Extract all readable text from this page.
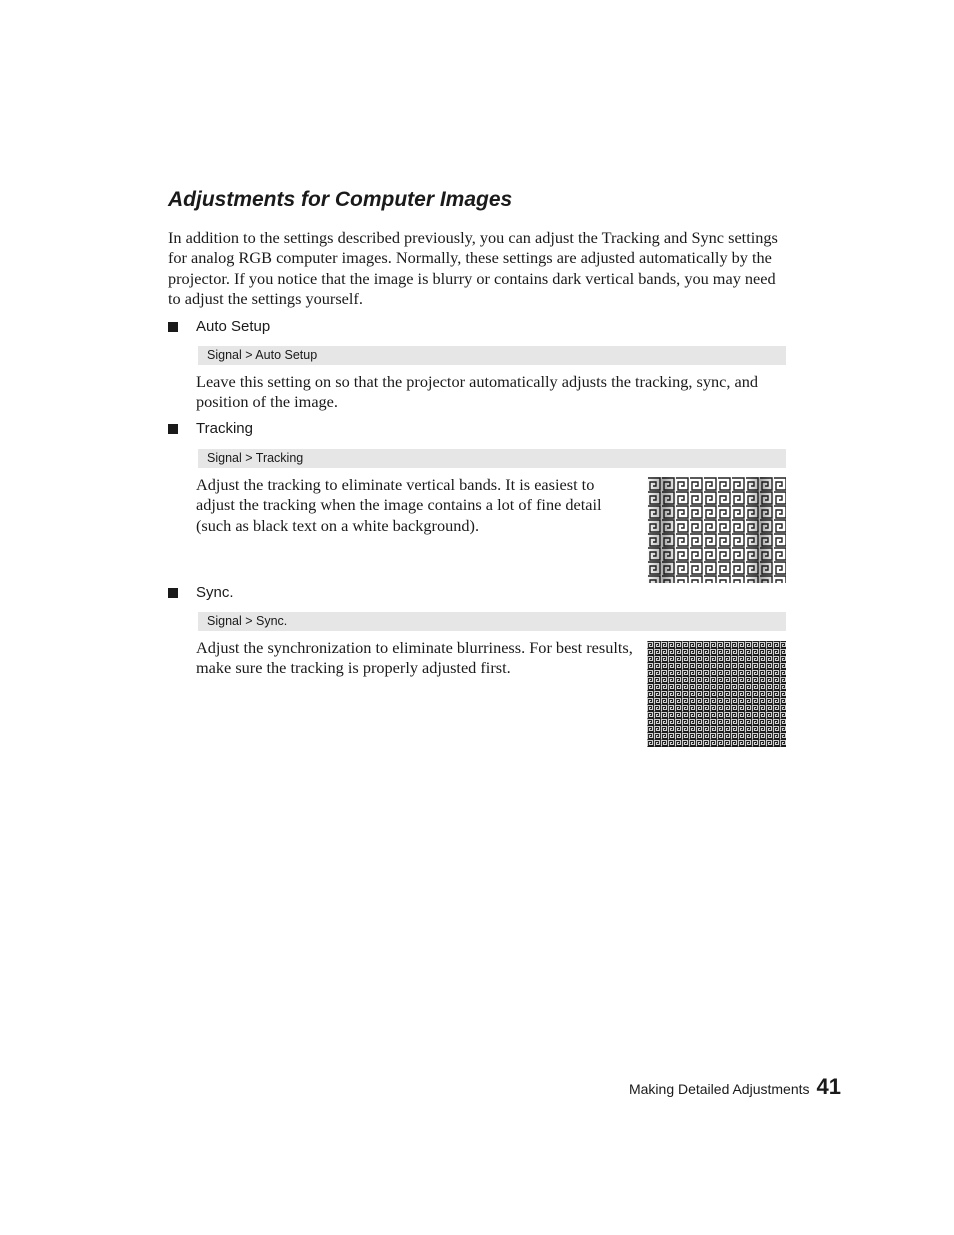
Adjustments for Computer Images

In addition to the settings described previously, you can adjust the Tracking and Sync settings for analog RGB computer images. Normally, these settings are adjusted automatically by the projector. If you notice that the image is blurry or contains dark vertical bands, you may need to adjust the settings yourself.

Auto Setup
Signal > Auto Setup

Leave this setting on so that the projector automatically adjusts the tracking, sync, and position of the image.

Tracking
Signal > Tracking

Adjust the tracking to eliminate vertical bands. It is easiest to adjust the tracking when the image contains a lot of fine detail (such as black text on a white background).

Sync.
Signal > Sync.

Adjust the synchronization to eliminate blurriness. For best results, make sure the tracking is properly adjusted first.

Making Detailed Adjustments 41
